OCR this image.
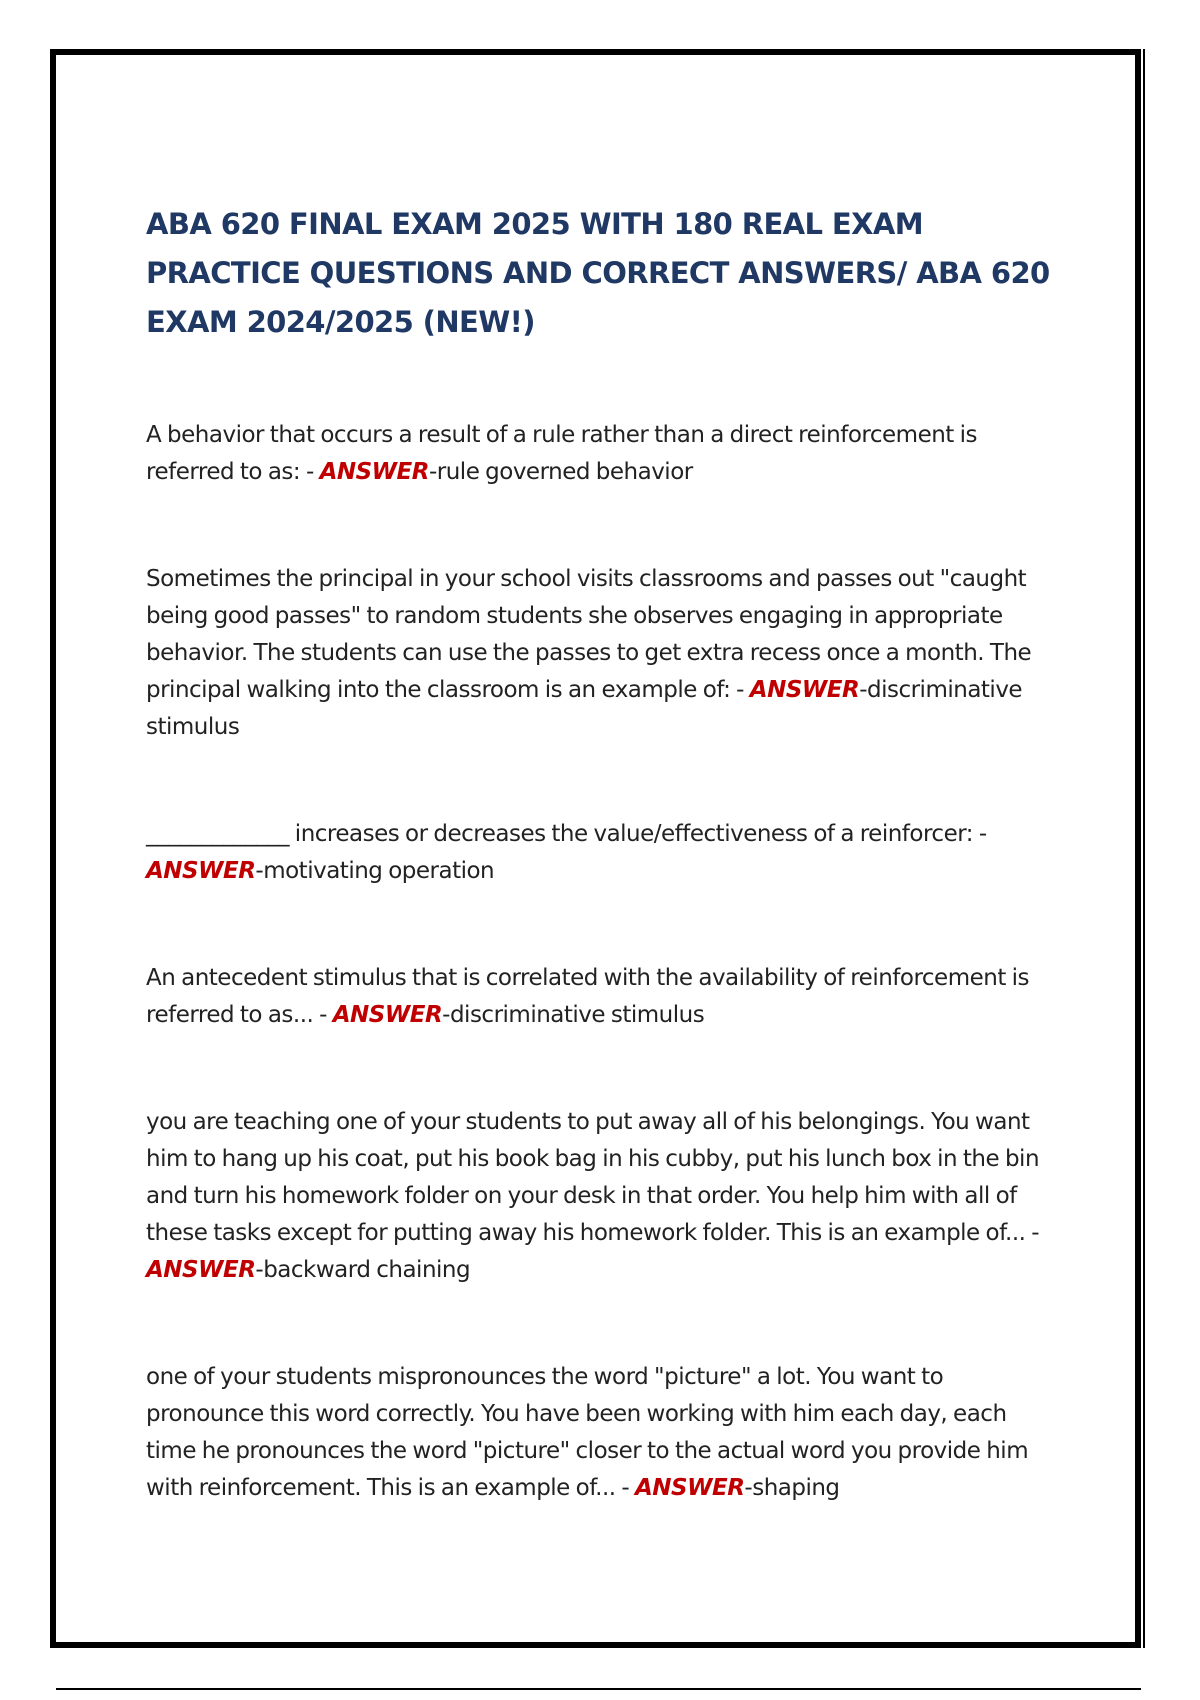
ABA 620 FINAL EXAM 2025 WITH 180 REAL EXAM PRACTICE QUESTIONS AND CORRECT ANSWERS/ ABA 620 EXAM 2024/2025 (NEW!)
A behavior that occurs a result of a rule rather than a direct reinforcement is referred to as: - ANSWER-rule governed behavior
Sometimes the principal in your school visits classrooms and passes out "caught being good passes" to random students she observes engaging in appropriate behavior. The students can use the passes to get extra recess once a month. The principal walking into the classroom is an example of: - ANSWER-discriminative stimulus
_____________ increases or decreases the value/effectiveness of a reinforcer: - ANSWER-motivating operation
An antecedent stimulus that is correlated with the availability of reinforcement is referred to as... - ANSWER-discriminative stimulus
you are teaching one of your students to put away all of his belongings. You want him to hang up his coat, put his book bag in his cubby, put his lunch box in the bin and turn his homework folder on your desk in that order. You help him with all of these tasks except for putting away his homework folder. This is an example of... - ANSWER-backward chaining
one of your students mispronounces the word "picture" a lot. You want to pronounce this word correctly. You have been working with him each day, each time he pronounces the word "picture" closer to the actual word you provide him with reinforcement. This is an example of... - ANSWER-shaping
